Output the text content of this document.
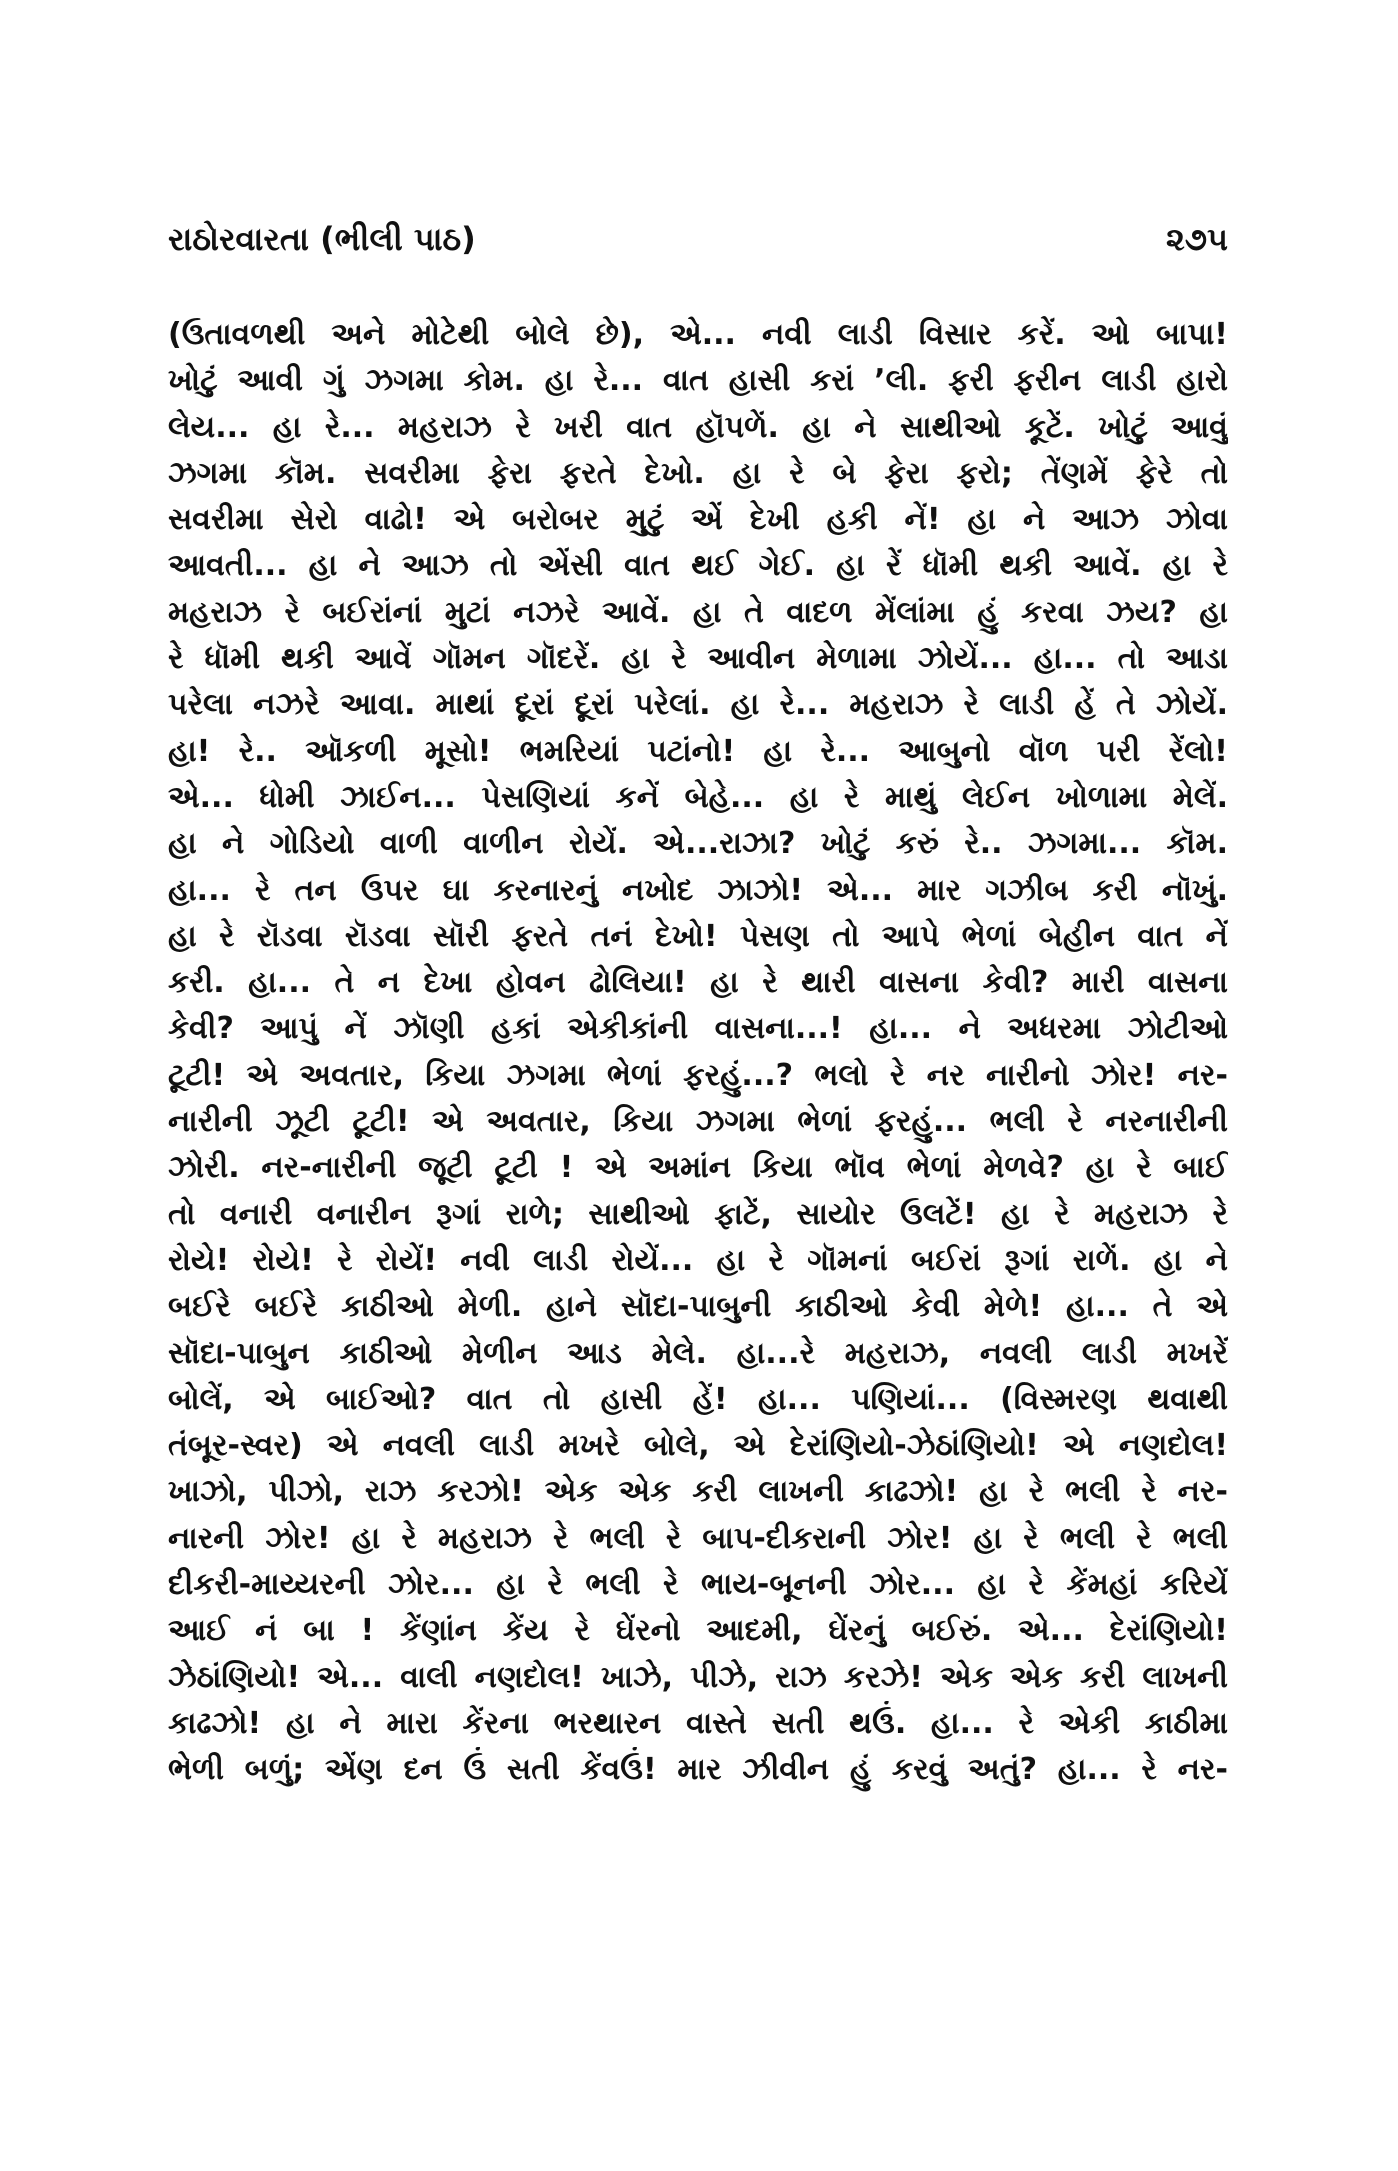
રાઠોરવારતા (ભીલી પાઠ)	૨૭૫
(ઉતાવળથી અને મોટેથી બોલે છે), એ... નવી લાડી વિસાર કરેં. ઓ બાપા!
ખોટું આવી ગું ઝગમા કોમ. હા રે... વાત હાસી કરાં ’લી. ફરી ફરીન લાડી હારો
લેય... હા રે... મહરાઝ રે ખરી વાત હૉપળેં. હા ને સાથીઓ કૂટેં. ખોટું આવું
ઝગમા કૉમ. સવરીમા ફેરા ફરતે દેખો. હા રે બે ફેરા ફરો; તેંણમેં ફેરે તો
સવરીમા સેરો વાઢો! એ બરોબર મુટું એં દેખી હકી નેં! હા ને આઝ ઝોવા
આવતી... હા ને આઝ તો એંસી વાત થઈ ગેઈ. હા રેં ધૉમી થકી આવેં. હા રે
મહરાઝ રે બઈરાંનાં મુટાં નઝરે આવેં. હા તે વાદળ મેંલાંમા હું કરવા ઝય? હા
રે ધૉમી થકી આવેં ગૉમન ગૉદરેં. હા રે આવીન મેળામા ઝોયેં... હા... તો આડા
પરેલા નઝરે આવા. માથાં દૂરાં દૂરાં પરેલાં. હા રે... મહરાઝ રે લાડી હેં તે ઝોયેં.
હા! રે.. ઑકળી મૂસો! ભમરિયાં પટાંનો! હા રે... આબુનો વૉળ પરી રેંલો!
એ... ધોમી ઝાઈન... પેસણિયાં કનેં બેહે... હા રે માથું લેઈન ખોળામા મેલેં.
હા ને ગોડિયો વાળી વાળીન રોયેં. એ...રાઝા? ખોટું કરું રે.. ઝગમા... કૉમ.
હા... રે તન ઉપર ઘા કરનારનું નખોદ ઝાઝો! એ... માર ગઝીબ કરી નૉખું.
હા રે રૉડવા રૉડવા સૉરી ફરતે તનં દેખો! પેસણ તો આપે ભેળાં બેહીન વાત નેં
કરી. હા... તે ન દેખા હોવન ઢોલિયા! હા રે થારી વાસના કેવી? મારી વાસના
કેવી? આપું નેં ઝૉણી હકાં એકીકાંની વાસના...! હા... ને અધરમા ઝોટીઓ
ટૂટી! એ અવતાર, કિયા ઝગમા ભેળાં ફરહું...? ભલો રે નર નારીનો ઝોર! નર-
નારીની ઝૂટી ટૂટી! એ અવતાર, કિયા ઝગમા ભેળાં ફરહું... ભલી રે નરનારીની
ઝોરી. નર-નારીની જૂટી ટૂટી ! એ અમાંન કિયા ભૉવ ભેળાં મેળવે? હા રે બાઈ
તો વનારી વનારીન રૂગાં રાળે; સાથીઓ ફાટેં, સાયોર ઉલટેં! હા રે મહરાઝ રે
રોયે! રોયે! રે રોયેં! નવી લાડી રોયેં... હા રે ગૉમનાં બઈરાં રૂગાં રાળેં. હા ને
બઈરે બઈરે કાઠીઓ મેળી. હાને સૉદા-પાબુની કાઠીઓ કેવી મેળે! હા... તે એ
સૉદા-પાબુન કાઠીઓ મેળીન આડ મેલે. હા...રે મહરાઝ, નવલી લાડી મખરેં
બોલેં, એ બાઈઓ? વાત તો હાસી હેં! હા... પણિયાં... (વિસ્મરણ થવાથી
તંબૂર-સ્વર) એ નવલી લાડી મખરે બોલે, એ દેરાંણિયો-ઝેઠાંણિયો! એ નણદોલ!
ખાઝો, પીઝો, રાઝ કરઝો! એક એક કરી લાખની કાઢઝો! હા રે ભલી રે નર-
નારની ઝોર! હા રે મહરાઝ રે ભલી રે બાપ-દીકરાની ઝોર! હા રે ભલી રે ભલી
દીકરી-માય્યરની ઝોર... હા રે ભલી રે ભાય-બૂનની ઝોર... હા રે કેંમહાં કરિયેં
આઈ નં બા ! કેંણાંન કેંય રે ઘેંરનો આદમી, ઘેંરનું બઈરું. એ... દેરાંણિયો!
ઝેઠાંણિયો! એ... વાલી નણદોલ! ખાઝે, પીઝે, રાઝ કરઝે! એક એક કરી લાખની
કાઢઝો! હા ને મારા કેંરના ભરથારન વાસ્તે સતી થઉં. હા... રે એકી કાઠીમા
ભેળી બળું; એંણ દન ઉં સતી કેંવઉં! માર ઝીવીન હું કરવું અતું? હા... રે નર-
